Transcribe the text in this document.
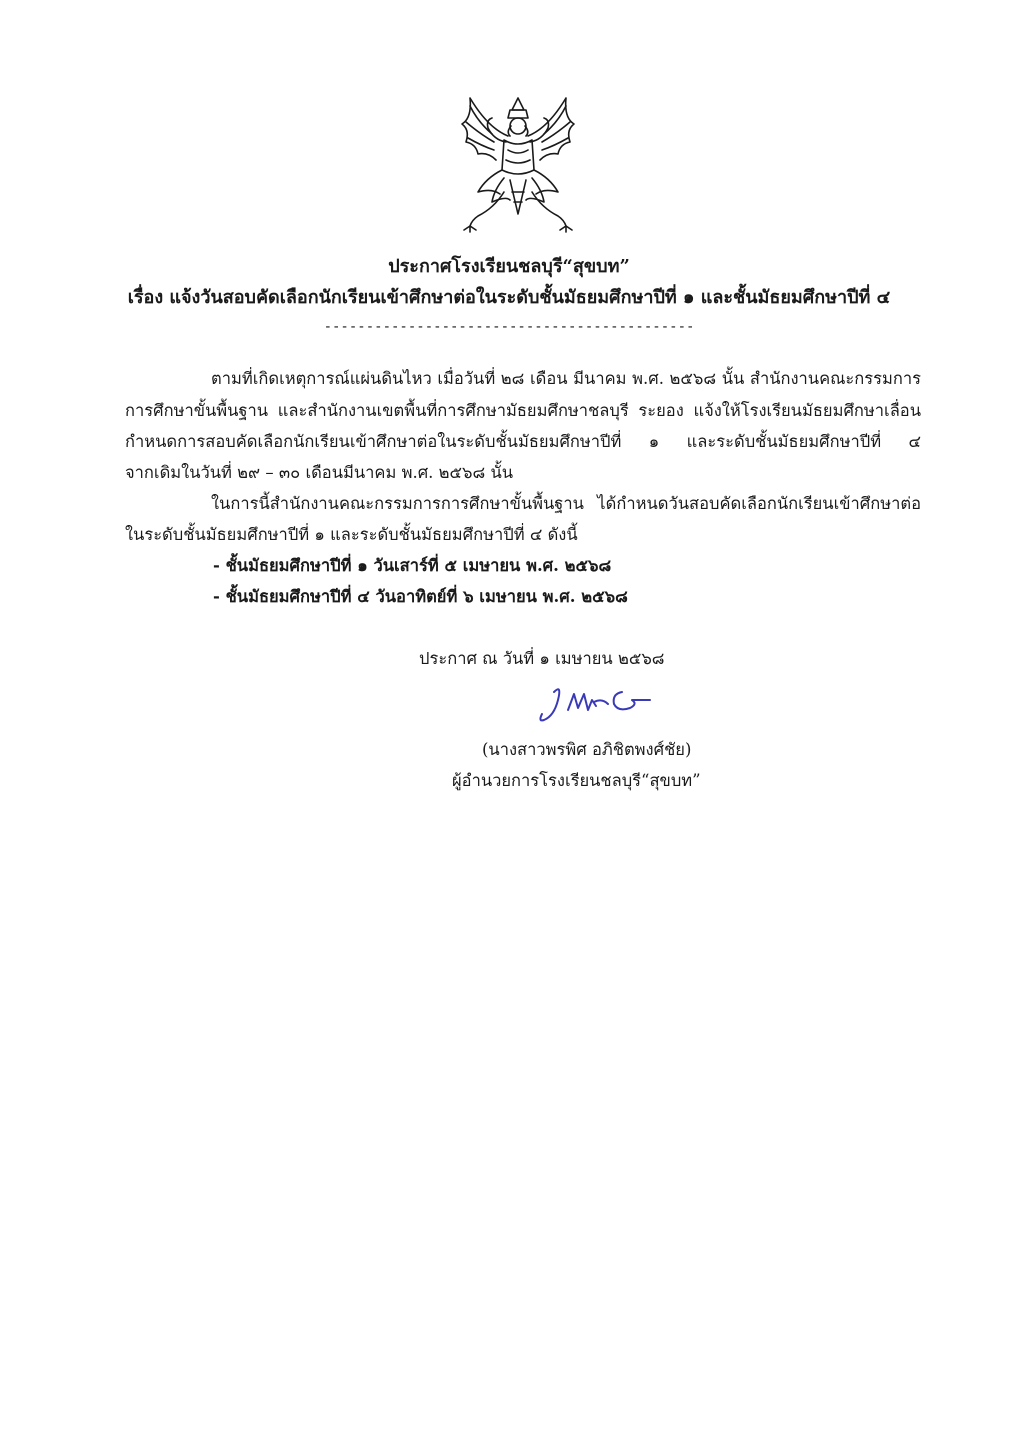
ประกาศโรงเรียนชลบุรี“สุขบท”
เรื่อง แจ้งวันสอบคัดเลือกนักเรียนเข้าศึกษาต่อในระดับชั้นมัธยมศึกษาปีที่ ๑ และชั้นมัธยมศึกษาปีที่ ๔
--------------------------------------------
ตามที่เกิดเหตุการณ์แผ่นดินไหว เมื่อวันที่ ๒๘ เดือน มีนาคม พ.ศ. ๒๕๖๘ นั้น สำนักงานคณะกรรมการ
การศึกษาขั้นพื้นฐาน และสำนักงานเขตพื้นที่การศึกษามัธยมศึกษาชลบุรี ระยอง แจ้งให้โรงเรียนมัธยมศึกษาเลื่อน
กำหนดการสอบคัดเลือกนักเรียนเข้าศึกษาต่อในระดับชั้นมัธยมศึกษาปีที่ ๑ และระดับชั้นมัธยมศึกษาปีที่ ๔
จากเดิมในวันที่ ๒๙ – ๓๐ เดือนมีนาคม พ.ศ. ๒๕๖๘ นั้น
ในการนี้สำนักงานคณะกรรมการการศึกษาขั้นพื้นฐาน ได้กำหนดวันสอบคัดเลือกนักเรียนเข้าศึกษาต่อ
ในระดับชั้นมัธยมศึกษาปีที่ ๑ และระดับชั้นมัธยมศึกษาปีที่ ๔ ดังนี้
- ชั้นมัธยมศึกษาปีที่ ๑ วันเสาร์ที่ ๕ เมษายน พ.ศ. ๒๕๖๘
- ชั้นมัธยมศึกษาปีที่ ๔ วันอาทิตย์ที่ ๖ เมษายน พ.ศ. ๒๕๖๘
ประกาศ ณ วันที่ ๑ เมษายน ๒๕๖๘
(นางสาวพรพิศ อภิชิตพงศ์ชัย)
ผู้อำนวยการโรงเรียนชลบุรี“สุขบท”
